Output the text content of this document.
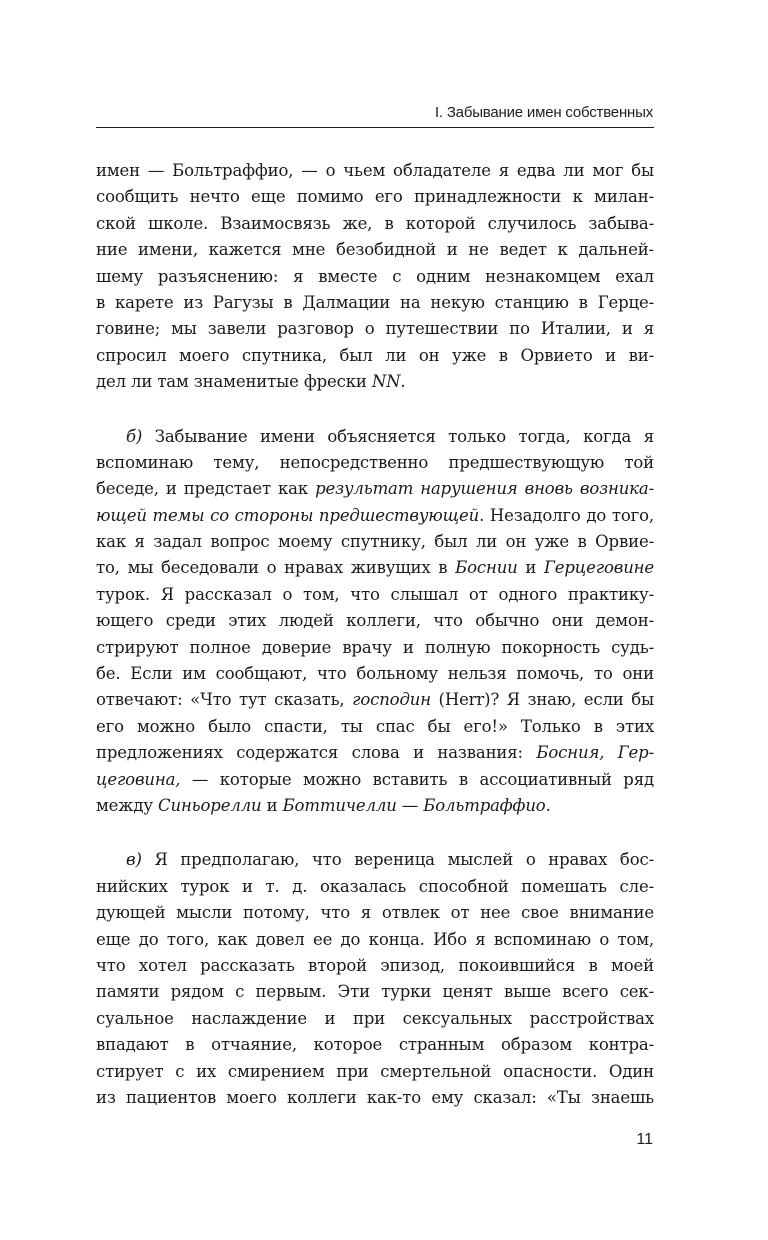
I. Забывание имен собственных
имен — Больтраффио, — о чьем обладателе я едва ли мог бы
сообщить нечто еще помимо его принадлежности к милан-
ской школе. Взаимосвязь же, в которой случилось забыва-
ние имени, кажется мне безобидной и не ведет к дальней-
шему разъяснению: я вместе с одним незнакомцем ехал
в карете из Рагузы в Далмации на некую станцию в Герце-
говине; мы завели разговор о путешествии по Италии, и я
спросил моего спутника, был ли он уже в Орвието и ви-
дел ли там знаменитые фрески NN.
б) Забывание имени объясняется только тогда, когда я
вспоминаю тему, непосредственно предшествующую той
беседе, и предстает как результат нарушения вновь возника-
ющей темы со стороны предшествующей. Незадолго до того,
как я задал вопрос моему спутнику, был ли он уже в Орвие-
то, мы беседовали о нравах живущих в Боснии и Герцеговине
турок. Я рассказал о том, что слышал от одного практику-
ющего среди этих людей коллеги, что обычно они демон-
стрируют полное доверие врачу и полную покорность судь-
бе. Если им сообщают, что больному нельзя помочь, то они
отвечают: «Что тут сказать, господин (Herr)? Я знаю, если бы
его можно было спасти, ты спас бы его!» Только в этих
предложениях содержатся слова и названия: Босния, Гер-
цеговина, — которые можно вставить в ассоциативный ряд
между Синьорелли и Боттичелли — Больтраффио.
в) Я предполагаю, что вереница мыслей о нравах бос-
нийских турок и т. д. оказалась способной помешать сле-
дующей мысли потому, что я отвлек от нее свое внимание
еще до того, как довел ее до конца. Ибо я вспоминаю о том,
что хотел рассказать второй эпизод, покоившийся в моей
памяти рядом с первым. Эти турки ценят выше всего сек-
суальное наслаждение и при сексуальных расстройствах
впадают в отчаяние, которое странным образом контра-
стирует с их смирением при смертельной опасности. Один
из пациентов моего коллеги как-то ему сказал: «Ты знаешь
11
